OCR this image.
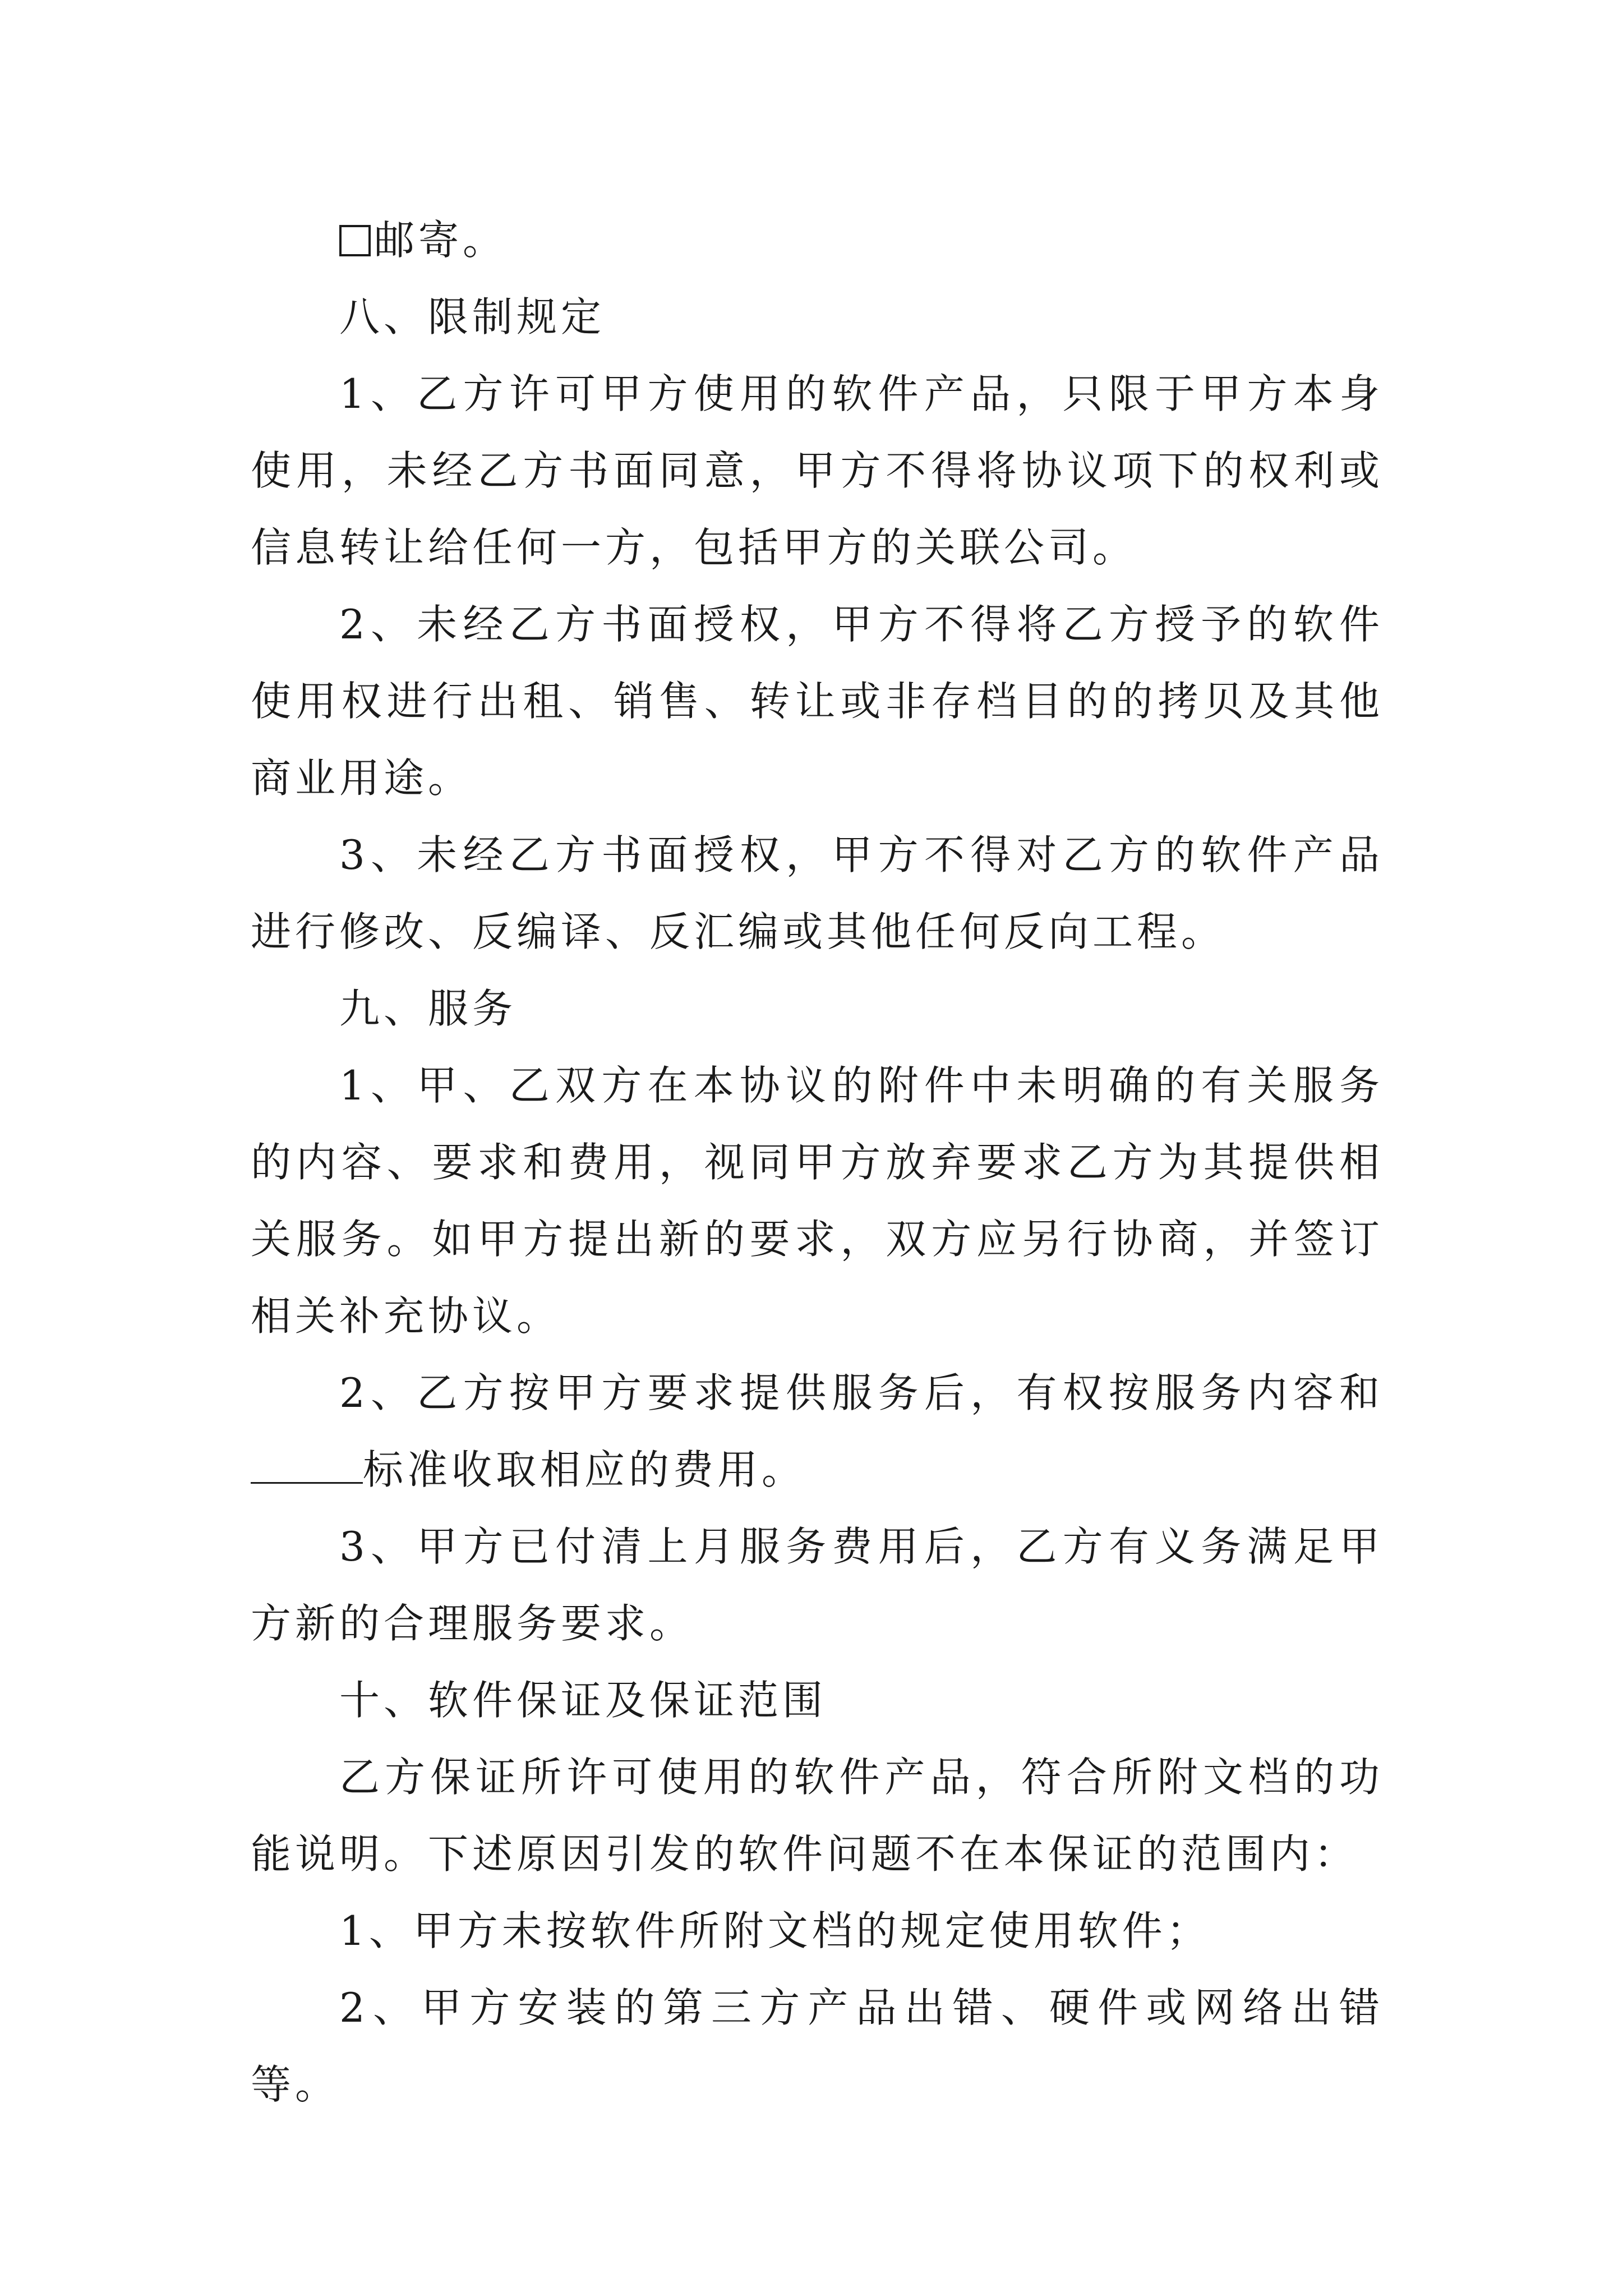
邮寄。

八、限制规定

1、乙方许可甲方使用的软件产品，只限于甲方本身使用，未经乙方书面同意，甲方不得将协议项下的权利或信息转让给任何一方，包括甲方的关联公司。

2、未经乙方书面授权，甲方不得将乙方授予的软件使用权进行出租、销售、转让或非存档目的的拷贝及其他商业用途。

3、未经乙方书面授权，甲方不得对乙方的软件产品进行修改、反编译、反汇编或其他任何反向工程。

九、服务

1、甲、乙双方在本协议的附件中未明确的有关服务的内容、要求和费用，视同甲方放弃要求乙方为其提供相关服务。如甲方提出新的要求，双方应另行协商，并签订相关补充协议。

2、乙方按甲方要求提供服务后，有权按服务内容和标准收取相应的费用。

3、甲方已付清上月服务费用后，乙方有义务满足甲方新的合理服务要求。

十、软件保证及保证范围

乙方保证所许可使用的软件产品，符合所附文档的功能说明。下述原因引发的软件问题不在本保证的范围内：

1、甲方未按软件所附文档的规定使用软件；

2、甲方安装的第三方产品出错、硬件或网络出错等。
